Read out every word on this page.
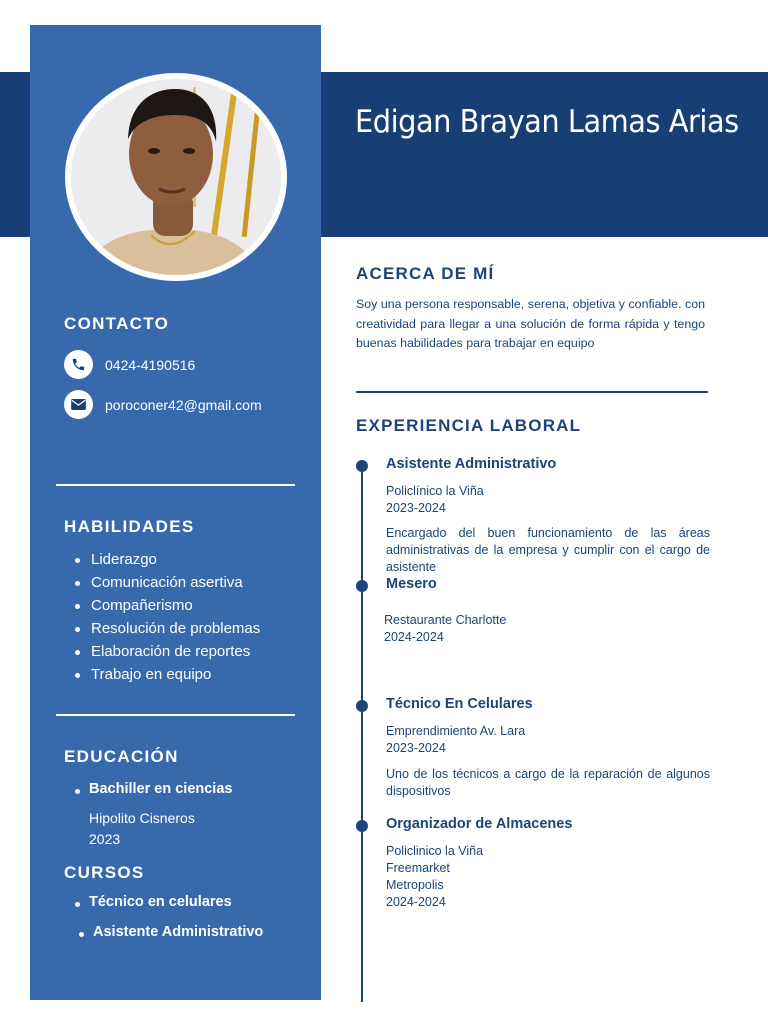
Edigan Brayan Lamas Arias
CONTACTO
0424-4190516
poroconer42@gmail.com
HABILIDADES
Liderazgo
Comunicación asertiva
Compañerismo
Resolución de problemas
Elaboración de reportes
Trabajo en equipo
EDUCACIÓN
Bachiller en ciencias
Hipolito Cisneros
2023
CURSOS
Técnico en celulares
Asistente Administrativo
ACERCA DE MÍ
Soy una persona responsable, serena, objetiva y confiable. con creatividad para llegar a una solución de forma rápida y tengo buenas habilidades para trabajar en equipo
EXPERIENCIA LABORAL
Asistente Administrativo
Policlínico la Viña
2023-2024
Encargado del buen funcionamiento de las áreas administrativas de la empresa y cumplir con el cargo de asistente
Mesero
Restaurante Charlotte
2024-2024
Técnico En Celulares
Emprendimiento Av. Lara
2023-2024
Uno de los técnicos a cargo de la reparación de algunos dispositivos
Organizador de Almacenes
Policlinico la Viña
Freemarket
Metropolis
2024-2024
